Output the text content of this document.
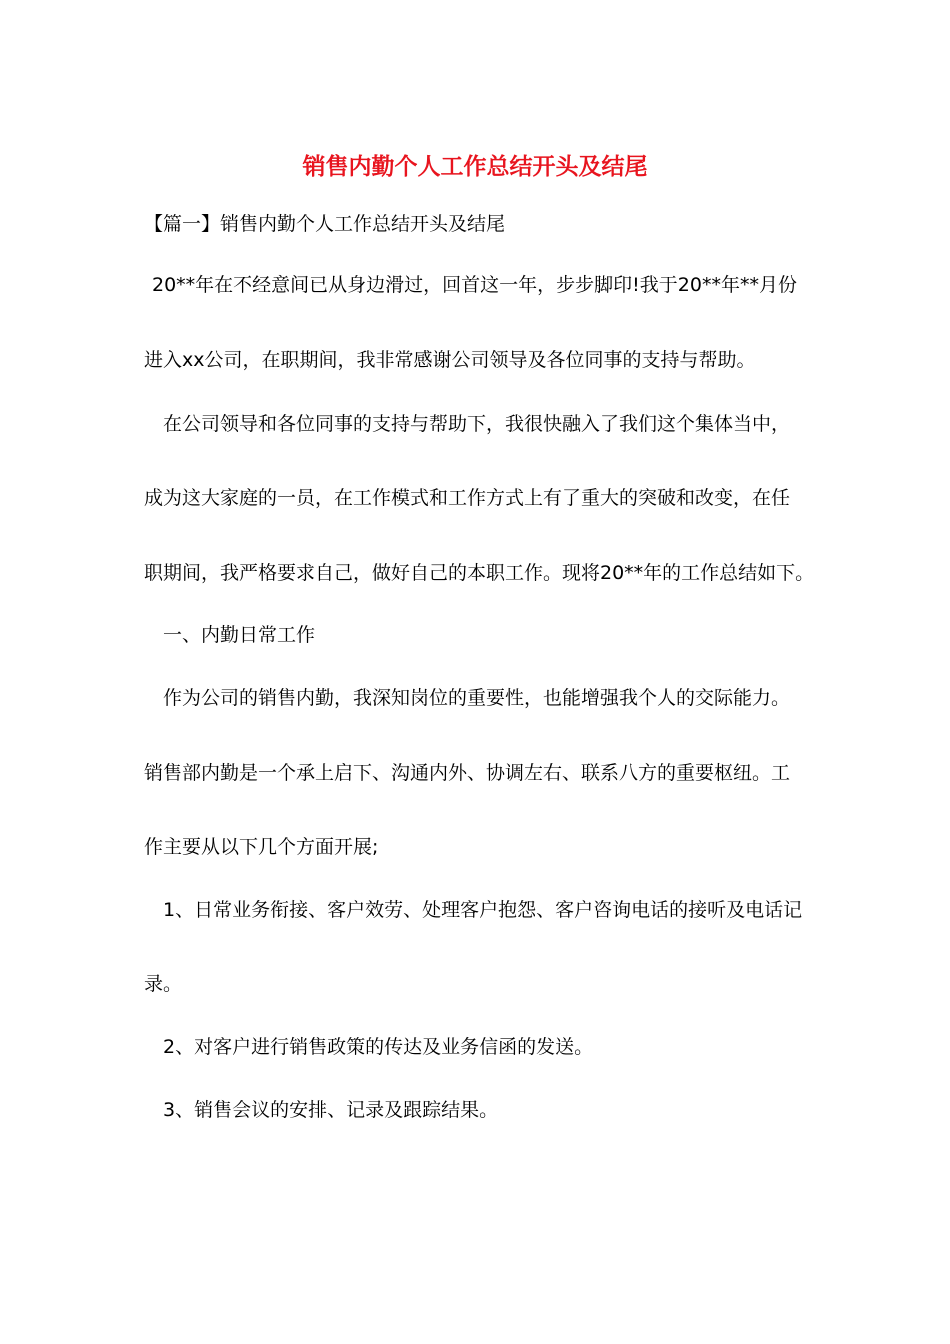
销售内勤个人工作总结开头及结尾

【篇一】销售内勤个人工作总结开头及结尾

20**年在不经意间已从身边滑过，回首这一年，步步脚印!我于20**年**月份

进入xx公司，在职期间，我非常感谢公司领导及各位同事的支持与帮助。

在公司领导和各位同事的支持与帮助下，我很快融入了我们这个集体当中，

成为这大家庭的一员，在工作模式和工作方式上有了重大的突破和改变，在任

职期间，我严格要求自己，做好自己的本职工作。现将20**年的工作总结如下。

一、内勤日常工作

作为公司的销售内勤，我深知岗位的重要性，也能增强我个人的交际能力。

销售部内勤是一个承上启下、沟通内外、协调左右、联系八方的重要枢纽。工

作主要从以下几个方面开展;

1、日常业务衔接、客户效劳、处理客户抱怨、客户咨询电话的接听及电话记

录。

2、对客户进行销售政策的传达及业务信函的发送。

3、销售会议的安排、记录及跟踪结果。
